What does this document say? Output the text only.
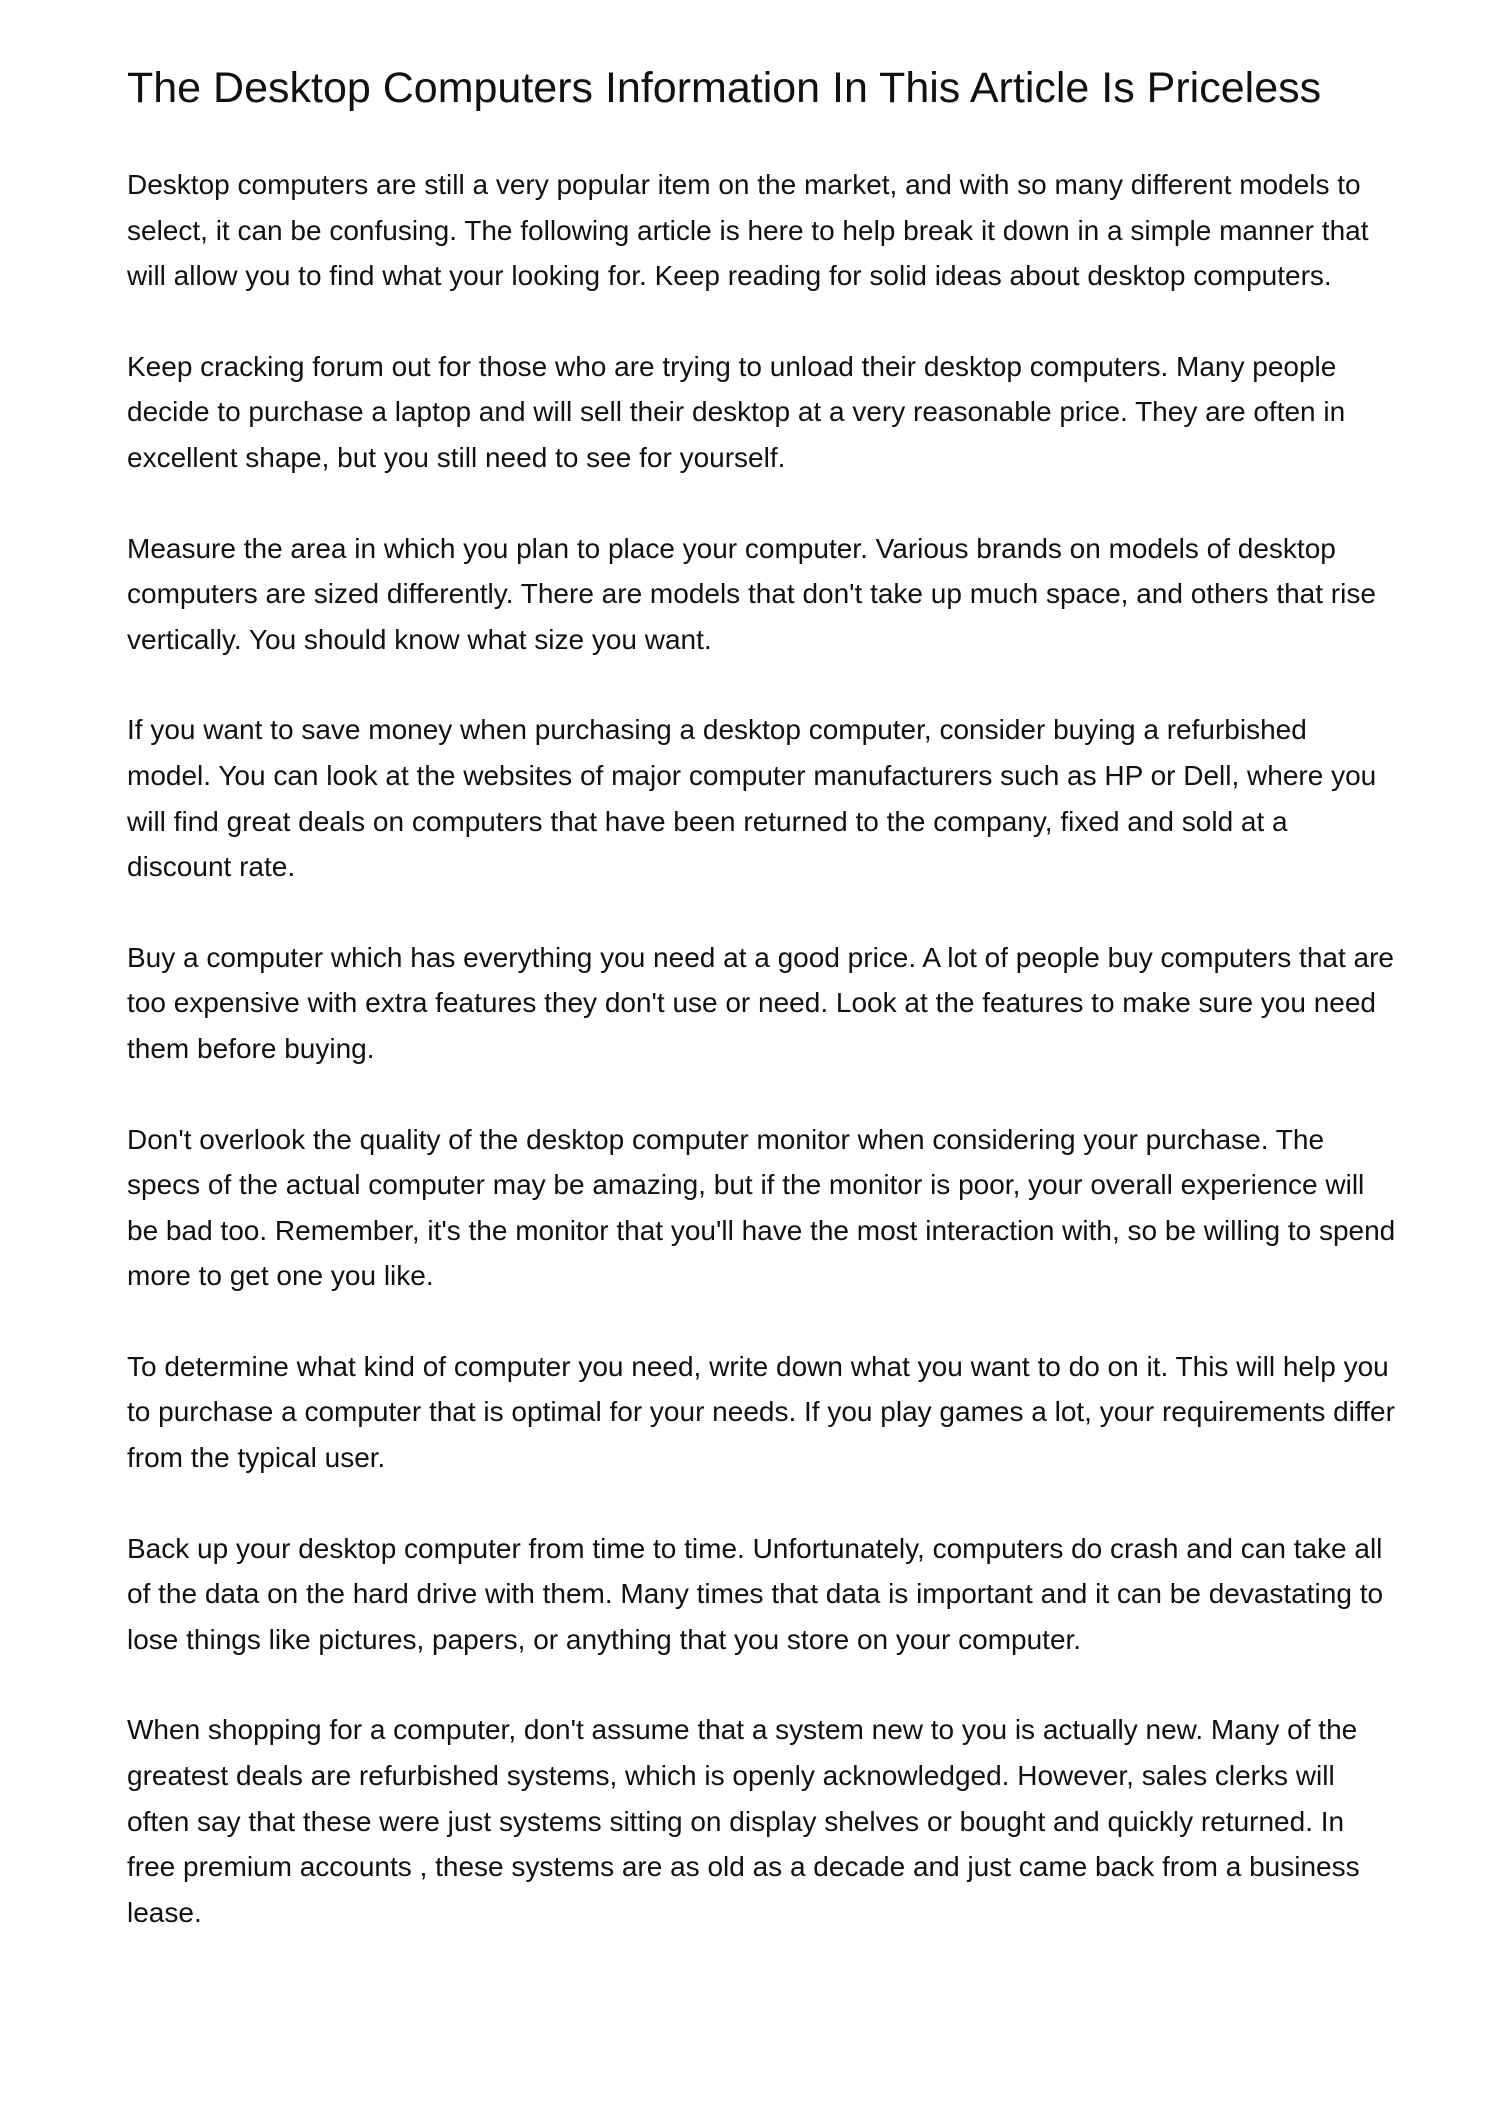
The Desktop Computers Information In This Article Is Priceless

Desktop computers are still a very popular item on the market, and with so many different models to select, it can be confusing. The following article is here to help break it down in a simple manner that will allow you to find what your looking for. Keep reading for solid ideas about desktop computers.

Keep cracking forum out for those who are trying to unload their desktop computers. Many people decide to purchase a laptop and will sell their desktop at a very reasonable price. They are often in excellent shape, but you still need to see for yourself.

Measure the area in which you plan to place your computer. Various brands on models of desktop computers are sized differently. There are models that don't take up much space, and others that rise vertically. You should know what size you want.

If you want to save money when purchasing a desktop computer, consider buying a refurbished model. You can look at the websites of major computer manufacturers such as HP or Dell, where you will find great deals on computers that have been returned to the company, fixed and sold at a discount rate.

Buy a computer which has everything you need at a good price. A lot of people buy computers that are too expensive with extra features they don't use or need. Look at the features to make sure you need them before buying.

Don't overlook the quality of the desktop computer monitor when considering your purchase. The specs of the actual computer may be amazing, but if the monitor is poor, your overall experience will be bad too. Remember, it's the monitor that you'll have the most interaction with, so be willing to spend more to get one you like.

To determine what kind of computer you need, write down what you want to do on it. This will help you to purchase a computer that is optimal for your needs. If you play games a lot, your requirements differ from the typical user.

Back up your desktop computer from time to time. Unfortunately, computers do crash and can take all of the data on the hard drive with them. Many times that data is important and it can be devastating to lose things like pictures, papers, or anything that you store on your computer.

When shopping for a computer, don't assume that a system new to you is actually new. Many of the greatest deals are refurbished systems, which is openly acknowledged. However, sales clerks will often say that these were just systems sitting on display shelves or bought and quickly returned. In free premium accounts , these systems are as old as a decade and just came back from a business lease.
